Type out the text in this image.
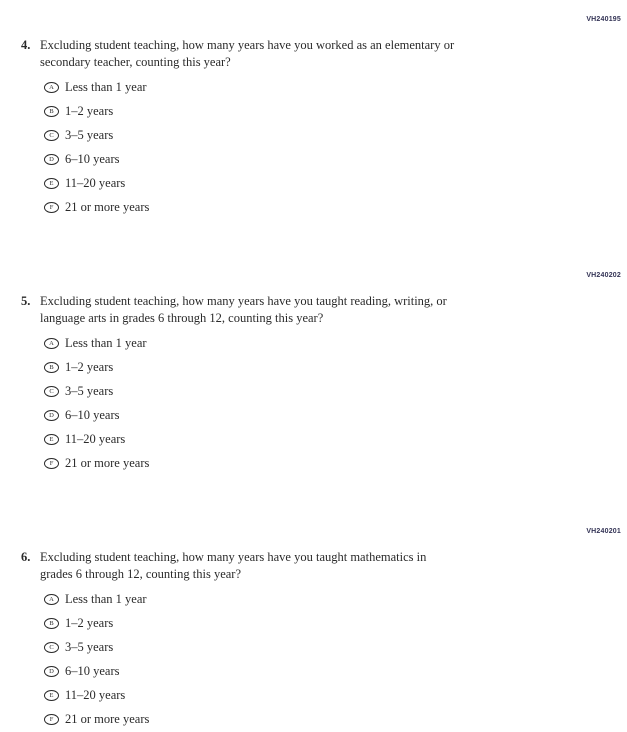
VH240195
4. Excluding student teaching, how many years have you worked as an elementary or
secondary teacher, counting this year?
A Less than 1 year
B 1–2 years
C 3–5 years
D 6–10 years
E 11–20 years
F 21 or more years
VH240202
5. Excluding student teaching, how many years have you taught reading, writing, or
language arts in grades 6 through 12, counting this year?
A Less than 1 year
B 1–2 years
C 3–5 years
D 6–10 years
E 11–20 years
F 21 or more years
VH240201
6. Excluding student teaching, how many years have you taught mathematics in
grades 6 through 12, counting this year?
A Less than 1 year
B 1–2 years
C 3–5 years
D 6–10 years
E 11–20 years
F 21 or more years
